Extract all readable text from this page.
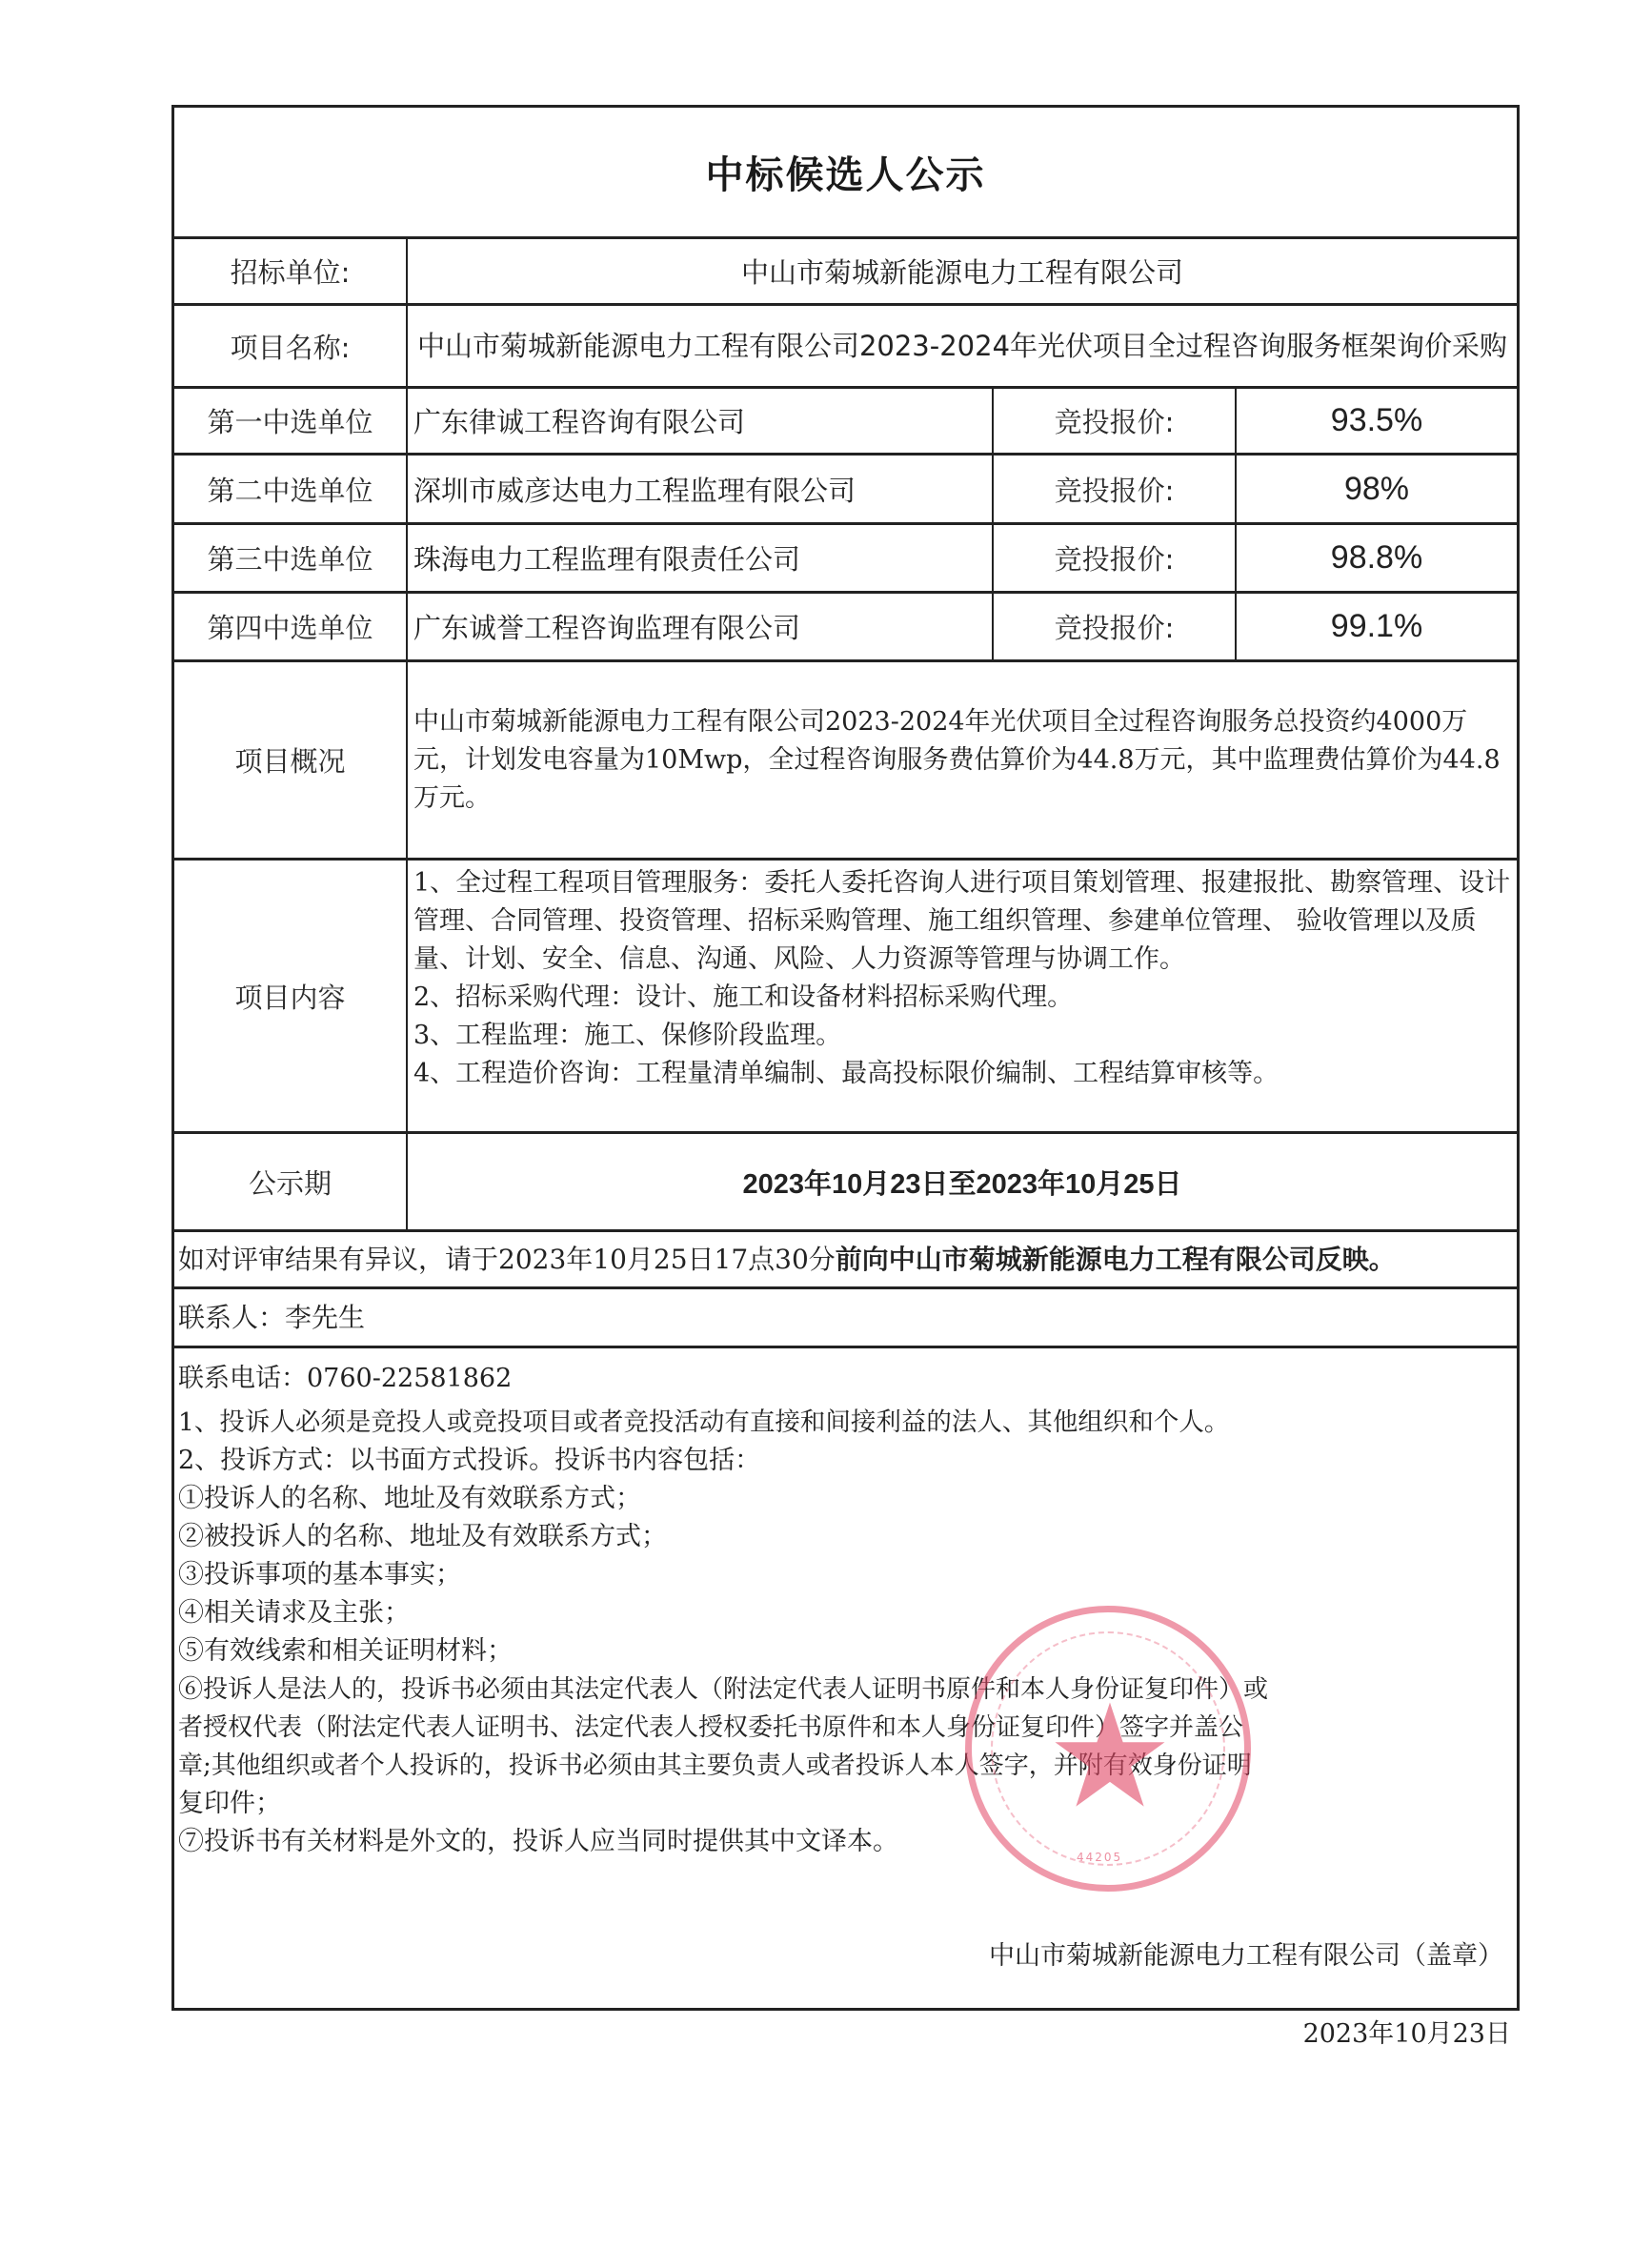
中标候选人公示
招标单位:	中山市菊城新能源电力工程有限公司
项目名称: 中山市菊城新能源电力工程有限公司2023-2024年光伏项目全过程咨询服务框架询价采购
第一中选单位 广东律诚工程咨询有限公司	竞投报价:	93.5%
第二中选单位 深圳市威彦达电力工程监理有限公司	竞投报价:	98%
第三中选单位 珠海电力工程监理有限责任公司	竞投报价:	98.8%
第四中选单位 广东诚誉工程咨询监理有限公司	竞投报价:	99.1%
项目概况
中山市菊城新能源电力工程有限公司2023-2024年光伏项目全过程咨询服务总投资约4000万元，计划发电容量为10Mwp，全过程咨询服务费估算价为44.8万元，其中监理费估算价为44.8万元。
项目内容
1、全过程工程项目管理服务：委托人委托咨询人进行项目策划管理、报建报批、勘察管理、设计管理、合同管理、投资管理、招标采购管理、施工组织管理、参建单位管理、 验收管理以及质量、计划、安全、信息、沟通、风险、人力资源等管理与协调工作。
2、招标采购代理：设计、施工和设备材料招标采购代理。
3、工程监理：施工、保修阶段监理。
4、工程造价咨询：工程量清单编制、最高投标限价编制、工程结算审核等。
公示期	2023年10月23日至2023年10月25日
如对评审结果有异议，请于2023年10月25日17点30分 前向中山市菊城新能源电力工程有限公司反映。
联系人：李先生
联系电话：0760-22581862
1、投诉人必须是竞投人或竞投项目或者竞投活动有直接和间接利益的法人、其他组织和个人。
2、投诉方式：以书面方式投诉。投诉书内容包括：
①投诉人的名称、地址及有效联系方式；
②被投诉人的名称、地址及有效联系方式；
③投诉事项的基本事实；
④相关请求及主张；
⑤有效线索和相关证明材料；
⑥投诉人是法人的，投诉书必须由其法定代表人（附法定代表人证明书原件和本人身份证复印件）或
者授权代表（附法定代表人证明书、法定代表人授权委托书原件和本人身份证复印件）签字并盖公
章;其他组织或者个人投诉的，投诉书必须由其主要负责人或者投诉人本人签字，并附有效身份证明
复印件；
⑦投诉书有关材料是外文的，投诉人应当同时提供其中文译本。
中山市菊城新能源电力工程有限公司（盖章）
2023年10月23日
★
44205
